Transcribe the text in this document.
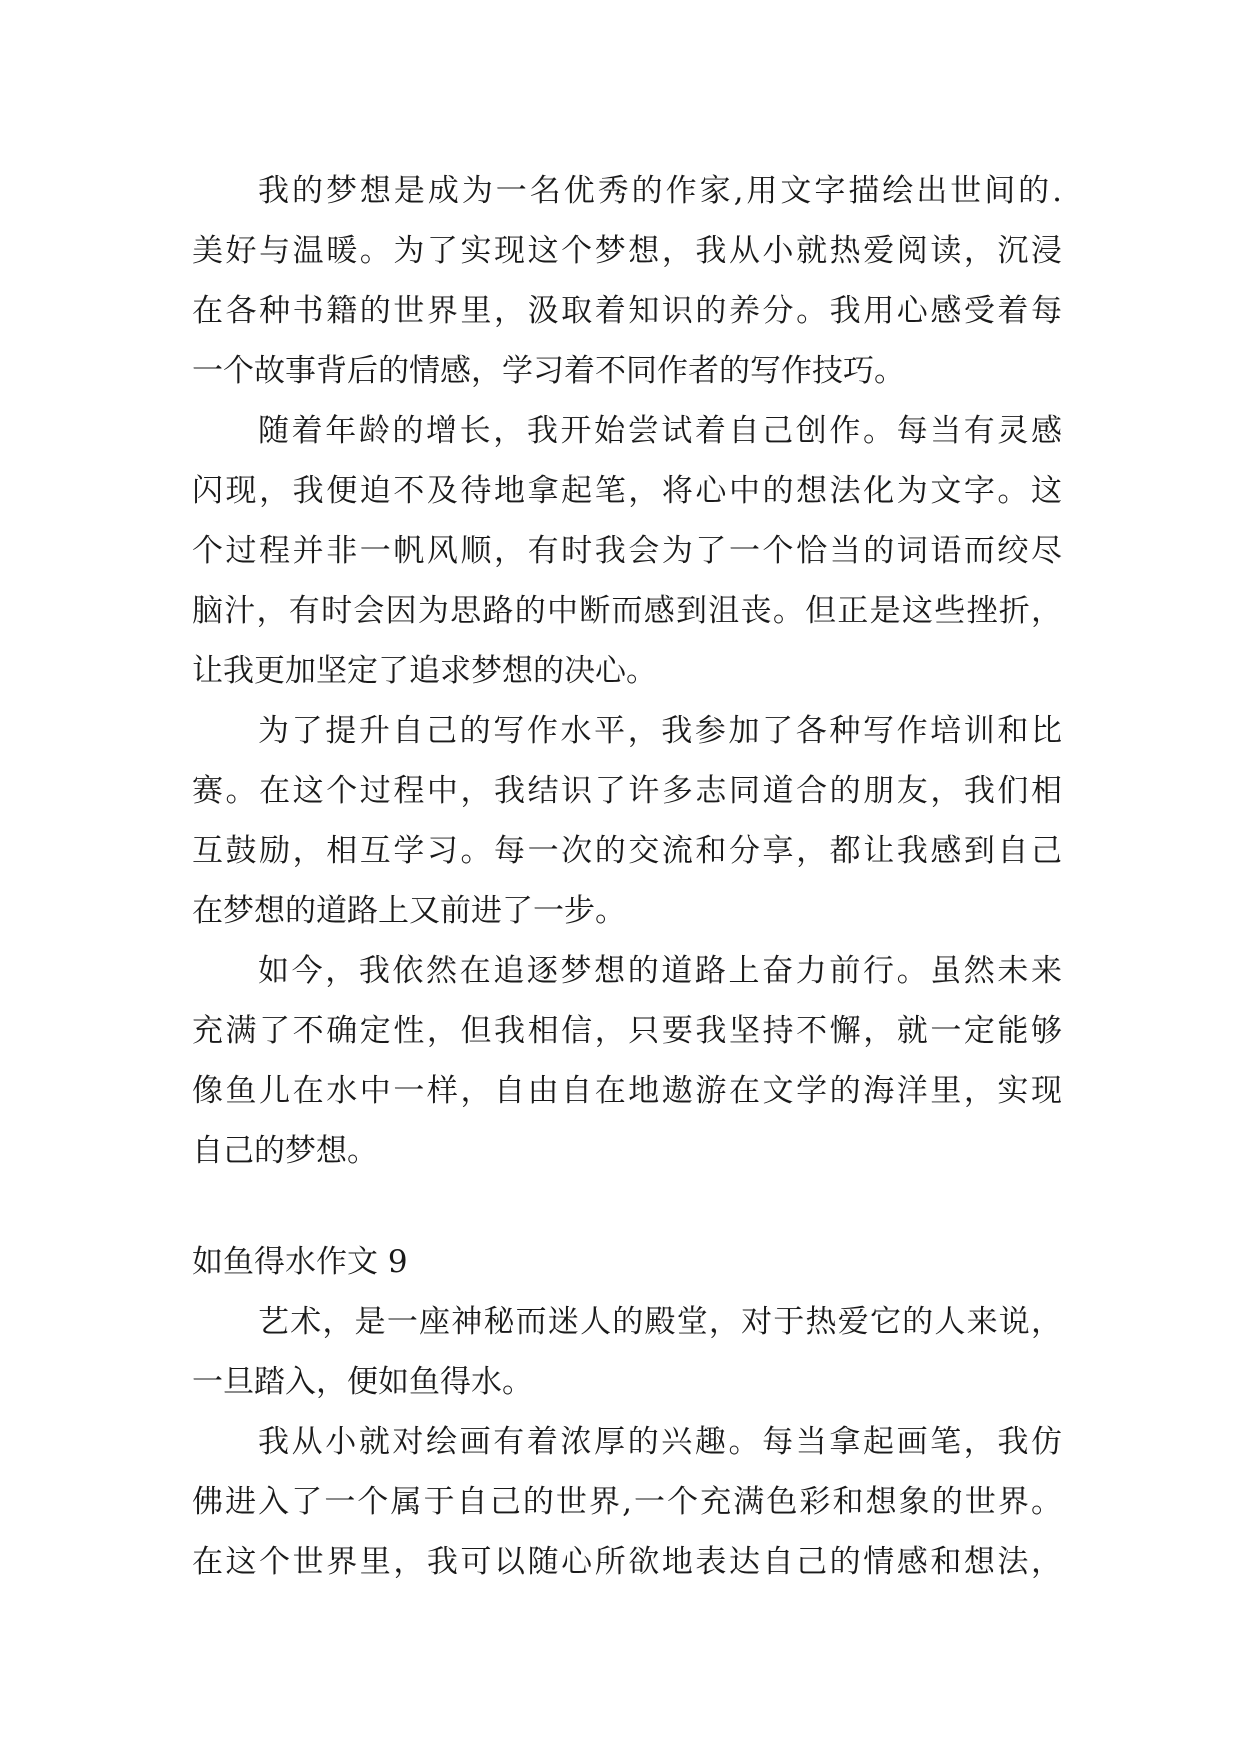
我的梦想是成为一名优秀的作家,用文字描绘出世间的.
美好与温暖。为了实现这个梦想，我从小就热爱阅读，沉浸
在各种书籍的世界里，汲取着知识的养分。我用心感受着每
一个故事背后的情感，学习着不同作者的写作技巧。
随着年龄的增长，我开始尝试着自己创作。每当有灵感
闪现，我便迫不及待地拿起笔，将心中的想法化为文字。这
个过程并非一帆风顺，有时我会为了一个恰当的词语而绞尽
脑汁，有时会因为思路的中断而感到沮丧。但正是这些挫折，
让我更加坚定了追求梦想的决心。
为了提升自己的写作水平，我参加了各种写作培训和比
赛。在这个过程中，我结识了许多志同道合的朋友，我们相
互鼓励，相互学习。每一次的交流和分享，都让我感到自己
在梦想的道路上又前进了一步。
如今，我依然在追逐梦想的道路上奋力前行。虽然未来
充满了不确定性，但我相信，只要我坚持不懈，就一定能够
像鱼儿在水中一样，自由自在地遨游在文学的海洋里，实现
自己的梦想。
如鱼得水作文 9
艺术，是一座神秘而迷人的殿堂，对于热爱它的人来说，
一旦踏入，便如鱼得水。
我从小就对绘画有着浓厚的兴趣。每当拿起画笔，我仿
佛进入了一个属于自己的世界,一个充满色彩和想象的世界。
在这个世界里，我可以随心所欲地表达自己的情感和想法，
